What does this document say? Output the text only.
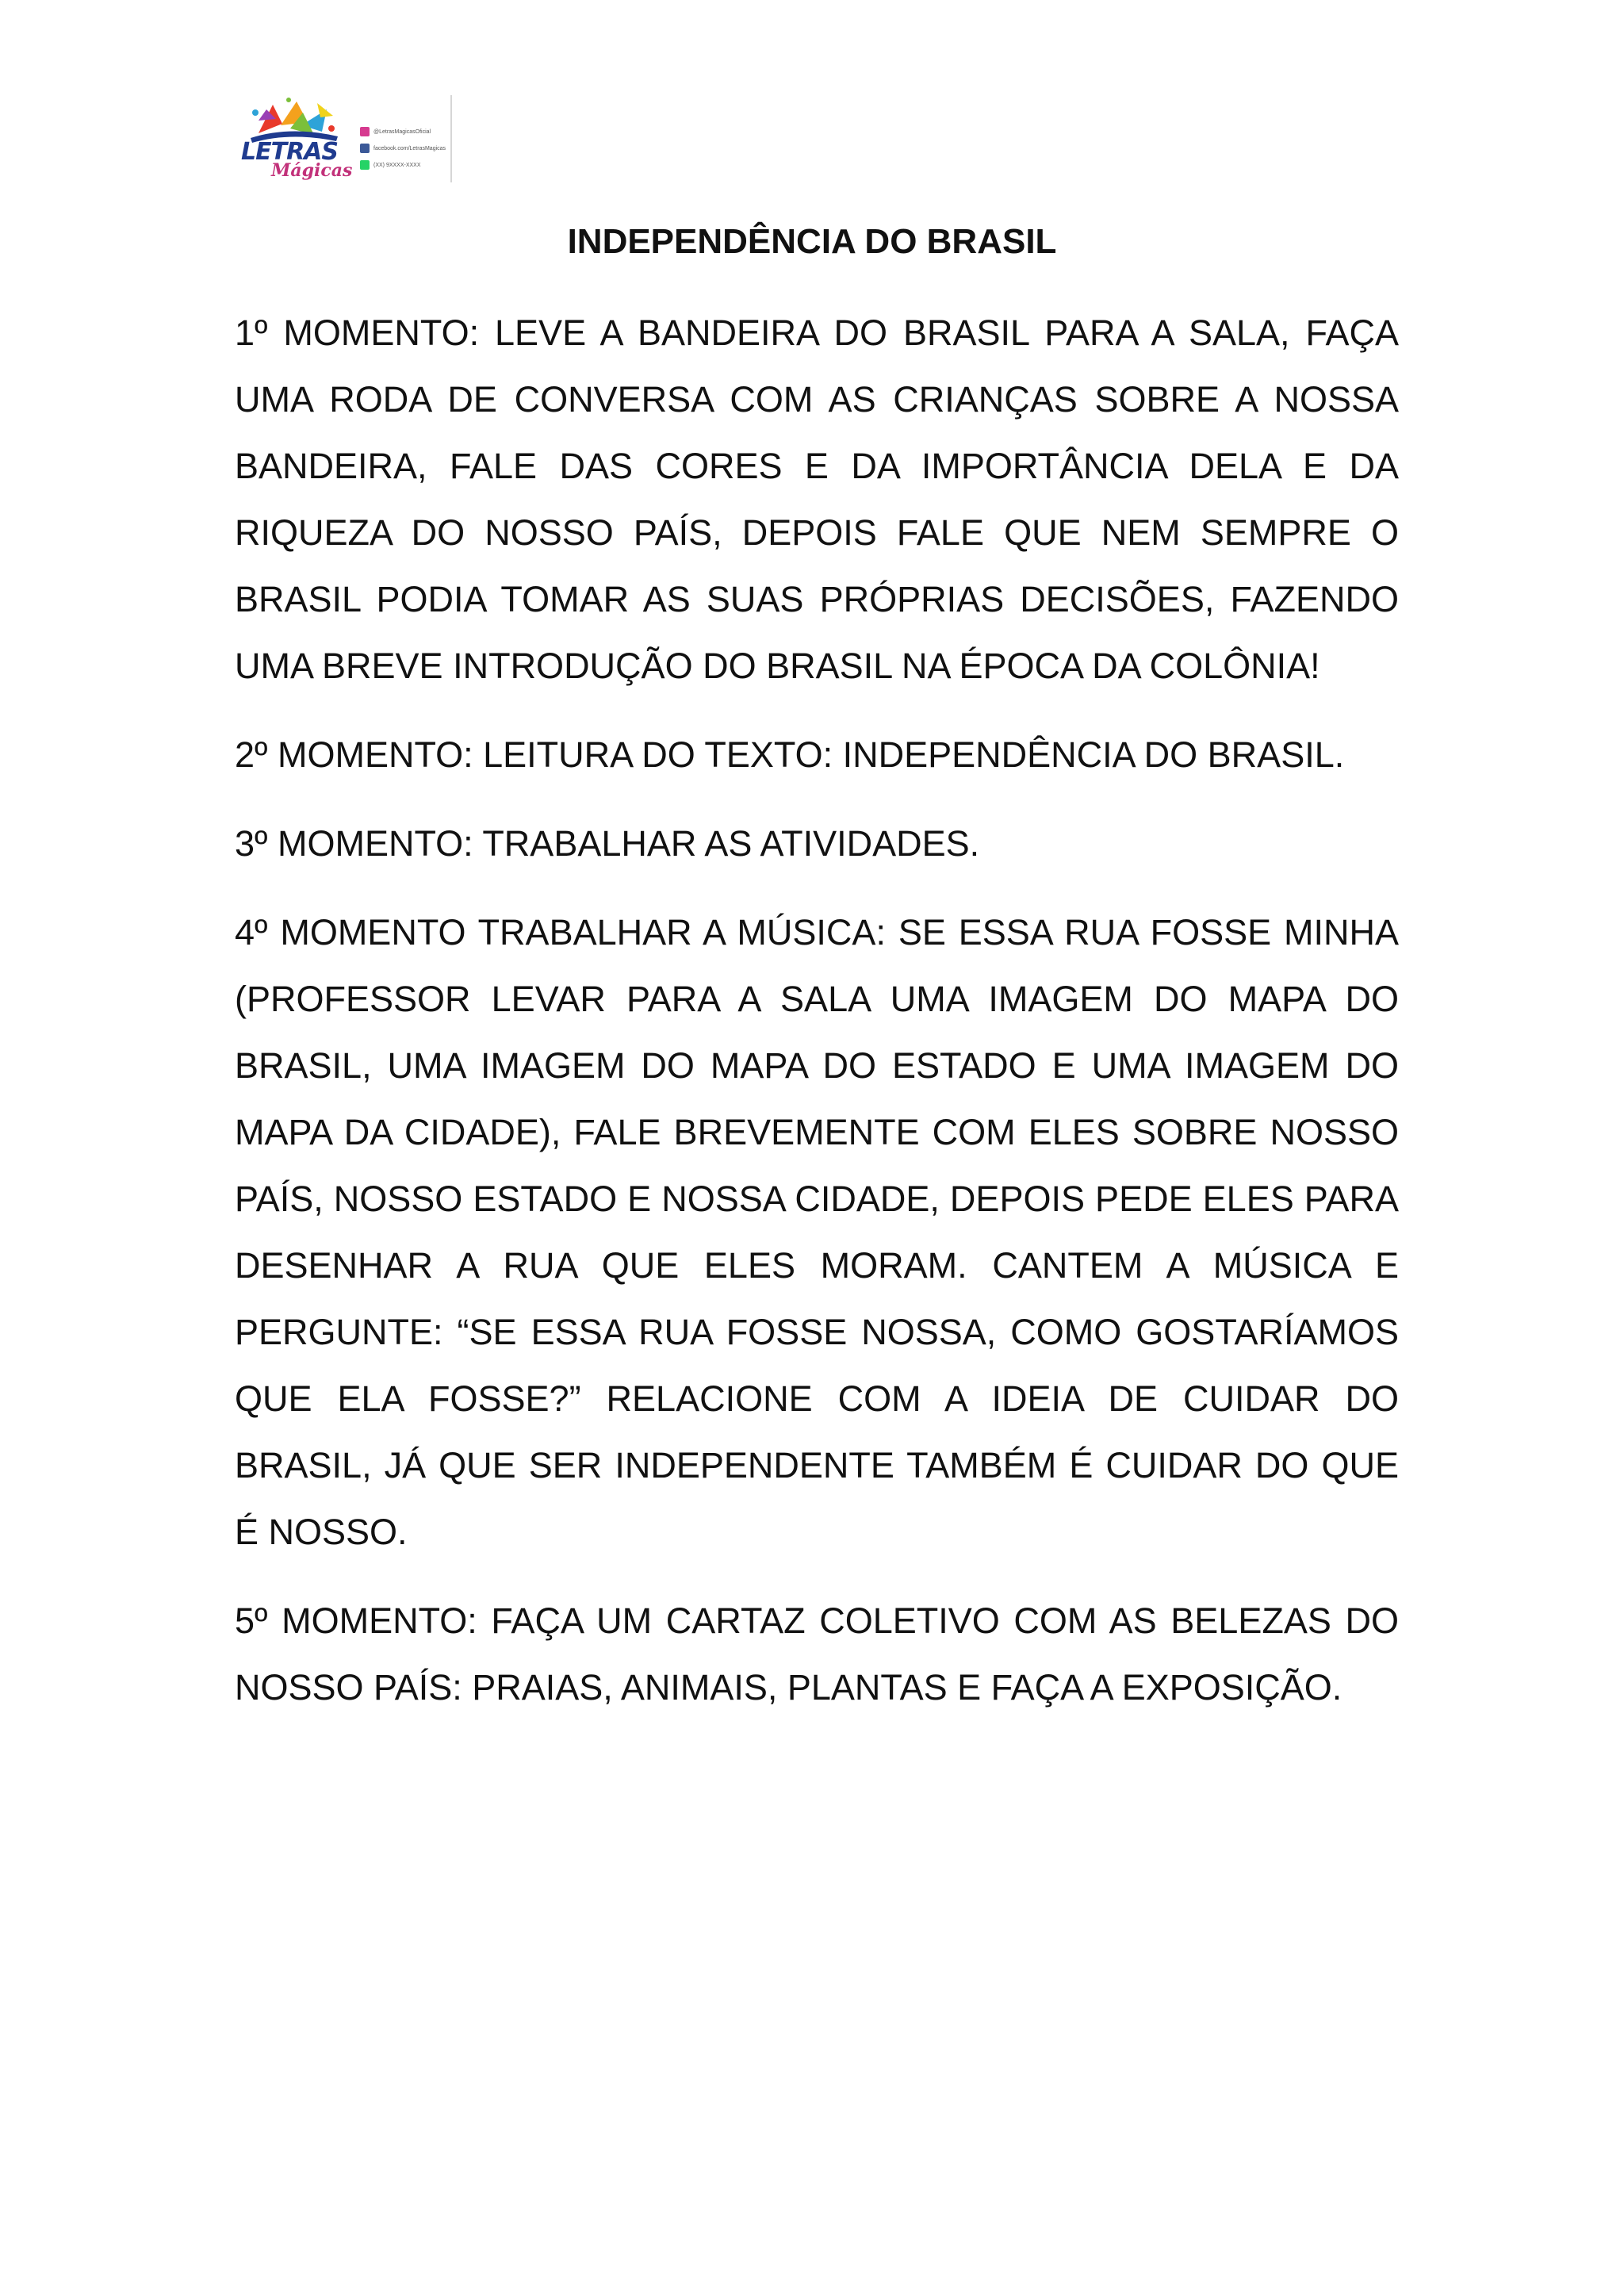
LETRAS
Mágicas
@LetrasMagicasOficial
facebook.com/LetrasMagicas
(XX) 9XXXX-XXXX
INDEPENDÊNCIA DO BRASIL

1º MOMENTO: LEVE A BANDEIRA DO BRASIL PARA A SALA, FAÇA UMA RODA DE CONVERSA COM AS CRIANÇAS SOBRE A NOSSA BANDEIRA, FALE DAS CORES E DA IMPORTÂNCIA DELA E DA RIQUEZA DO NOSSO PAÍS, DEPOIS FALE QUE NEM SEMPRE O BRASIL PODIA TOMAR AS SUAS PRÓPRIAS DECISÕES, FAZENDO UMA BREVE INTRODUÇÃO DO BRASIL NA ÉPOCA DA COLÔNIA!

2º MOMENTO: LEITURA DO TEXTO: INDEPENDÊNCIA DO BRASIL.

3º MOMENTO: TRABALHAR AS ATIVIDADES.

4º MOMENTO TRABALHAR A MÚSICA: SE ESSA RUA FOSSE MINHA (PROFESSOR LEVAR PARA A SALA UMA IMAGEM DO MAPA DO BRASIL, UMA IMAGEM DO MAPA DO ESTADO E UMA IMAGEM DO MAPA DA CIDADE), FALE BREVEMENTE COM ELES SOBRE NOSSO PAÍS, NOSSO ESTADO E NOSSA CIDADE, DEPOIS PEDE ELES PARA DESENHAR A RUA QUE ELES MORAM. CANTEM A MÚSICA E PERGUNTE: “SE ESSA RUA FOSSE NOSSA, COMO GOSTARÍAMOS QUE ELA FOSSE?” RELACIONE COM A IDEIA DE CUIDAR DO BRASIL, JÁ QUE SER INDEPENDENTE TAMBÉM É CUIDAR DO QUE É NOSSO.

5º MOMENTO: FAÇA UM CARTAZ COLETIVO COM AS BELEZAS DO NOSSO PAÍS: PRAIAS, ANIMAIS, PLANTAS E FAÇA A EXPOSIÇÃO.
